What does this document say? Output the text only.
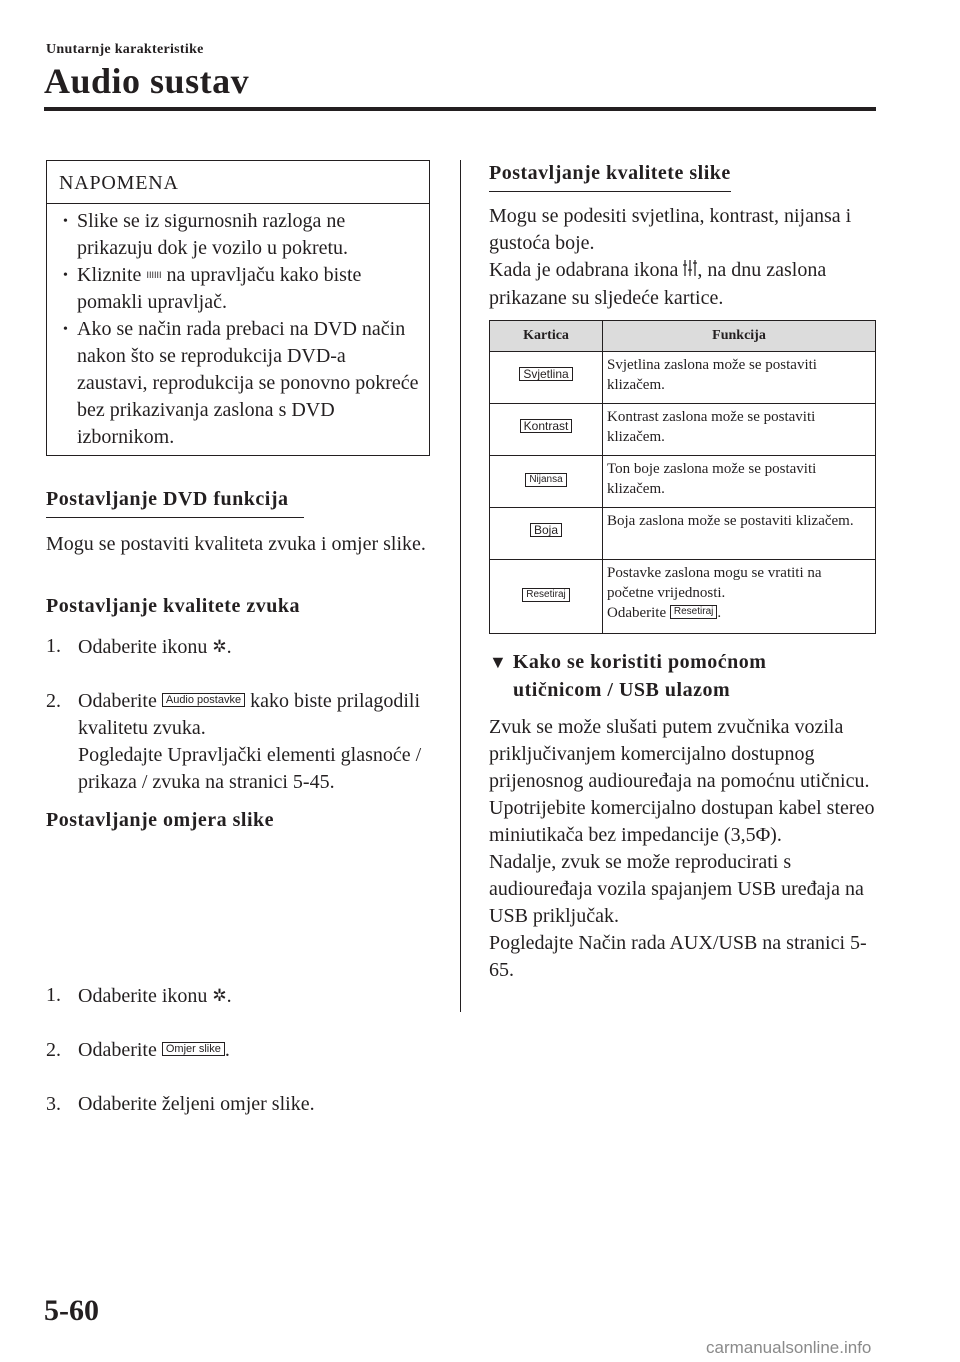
Unutarnje karakteristike
Audio sustav
NAPOMENA

• Slike se iz sigurnosnih razloga ne prikazuju dok je vozilo u pokretu.

• Kliznite IIIIII na upravljaču kako biste pomakli upravljač.

• Ako se način rada prebaci na DVD način nakon što se reprodukcija DVD-a zaustavi, reprodukcija se ponovno pokreće bez prikazivanja zaslona s DVD izbornikom.

Postavljanje DVD funkcija
Mogu se postaviti kvaliteta zvuka i omjer slike.
Postavljanje kvalitete zvuka
1. Odaberite ikonu ✲.
2. Odaberite Audio postavke kako biste prilagodili kvalitetu zvuka.
Pogledajte Upravljački elementi glasnoće / prikaza / zvuka na stranici 5-45.
Postavljanje omjera slike
1. Odaberite ikonu ✲.
2. Odaberite Omjer slike .
3. Odaberite željeni omjer slike.
Postavljanje kvalitete slike
Mogu se podesiti svjetlina, kontrast, nijansa i gustoća boje.
Kada je odabrana ikona , na dnu zaslona prikazane su sljedeće kartice.
Kartica	Funkcija
Svjetlina	Svjetlina zaslona može se postaviti klizačem.
Kontrast	Kontrast zaslona može se postaviti klizačem.
Nijansa	Ton boje zaslona može se postaviti klizačem.
Boja	Boja zaslona može se postaviti klizačem.
Resetiraj	Postavke zaslona mogu se vratiti na početne vrijednosti.
Odaberite Resetiraj .
▼ Kako se koristiti pomoćnom
utičnicom / USB ulazom
Zvuk se može slušati putem zvučnika vozila priključivanjem komercijalno dostupnog prijenosnog audiouređaja na pomoćnu utičnicu.
Upotrijebite komercijalno dostupan kabel stereo miniutikača bez impedancije (3,5Φ).
Nadalje, zvuk se može reproducirati s audiouređaja vozila spajanjem USB uređaja na USB priključak.
Pogledajte Način rada AUX/USB na stranici 5-65.
5-60
carmanualsonline.info
